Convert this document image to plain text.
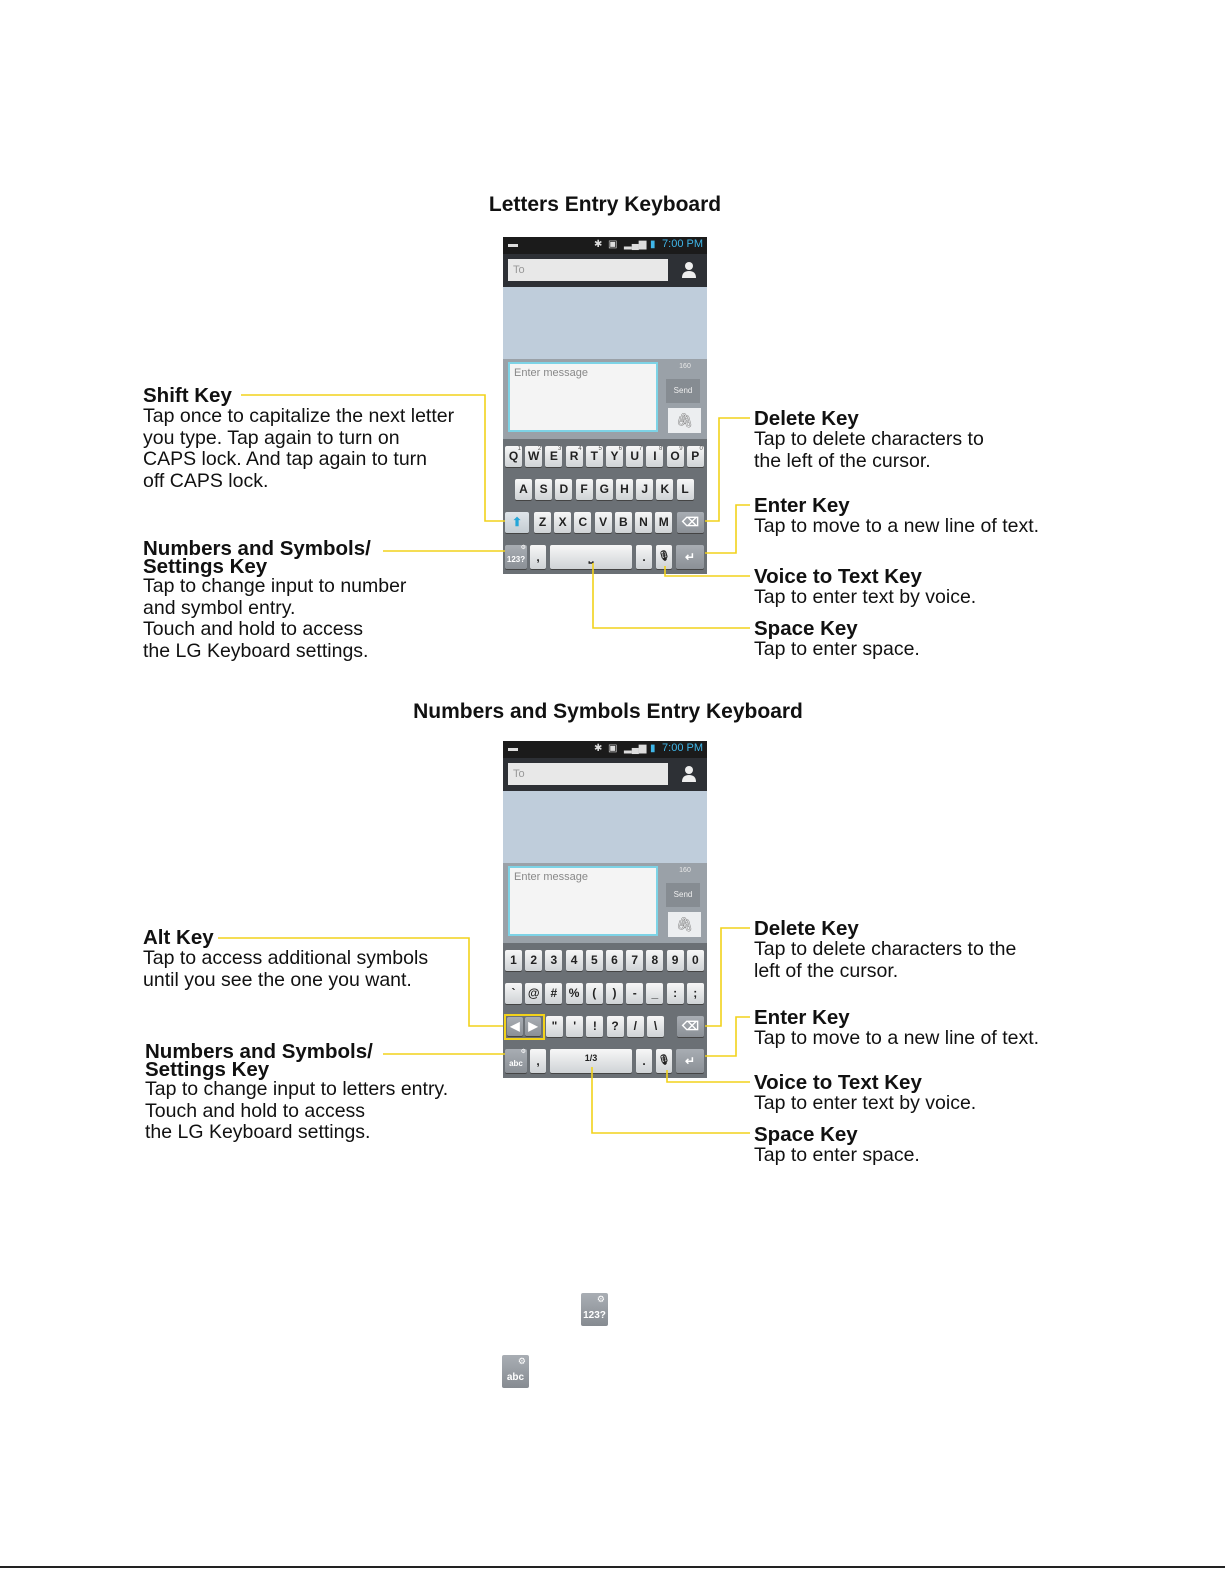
Letters Entry Keyboard
▬	✱ ▣ ▂▄▆ ▮ 7:00 PM
To
Enter message
160
Send
🖇
Q 1 W
2 E 3 R 4 T 5 Y 6 U 7 I 8 O 9 P 0
A S D	F G H	J	K	L
⬆	Z	X C V B N M	⌫
123?
⚙
,	⎵	.	🎙	↵
Shift Key
Tap once to capitalize the next letter
you type. Tap again to turn on
CAPS lock. And tap again to turn
off CAPS lock.
Numbers and Symbols/
Settings Key
Tap to change input to number
and symbol entry.
Touch and hold to access
the LG Keyboard settings.
Delete Key
Tap to delete characters to
the left of the cursor.
Enter Key
Tap to move to a new line of text.
Voice to Text Key
Tap to enter text by voice.
Space Key
Tap to enter space.
Numbers and Symbols Entry Keyboard
▬	✱ ▣ ▂▄▆ ▮ 7:00 PM
To
Enter message
160
Send
🖇
1	2	3	4	5	6	7	8	9	0
`	@ # %	(	)	-	_	:	;
◀ ▶	"	'	!	?	/	\	⌫
abc
⚙
,	$^{1/3}$	.	🎙	↵
Alt Key
Tap to access additional symbols
until you see the one you want.
Numbers and Symbols/
Settings Key
Tap to change input to letters entry.
Touch and hold to access
the LG Keyboard settings.
Delete Key
Tap to delete characters to the
left of the cursor.
Enter Key
Tap to move to a new line of text.
Voice to Text Key
Tap to enter text by voice.
Space Key
Tap to enter space.
⚙
123?
⚙
abc
